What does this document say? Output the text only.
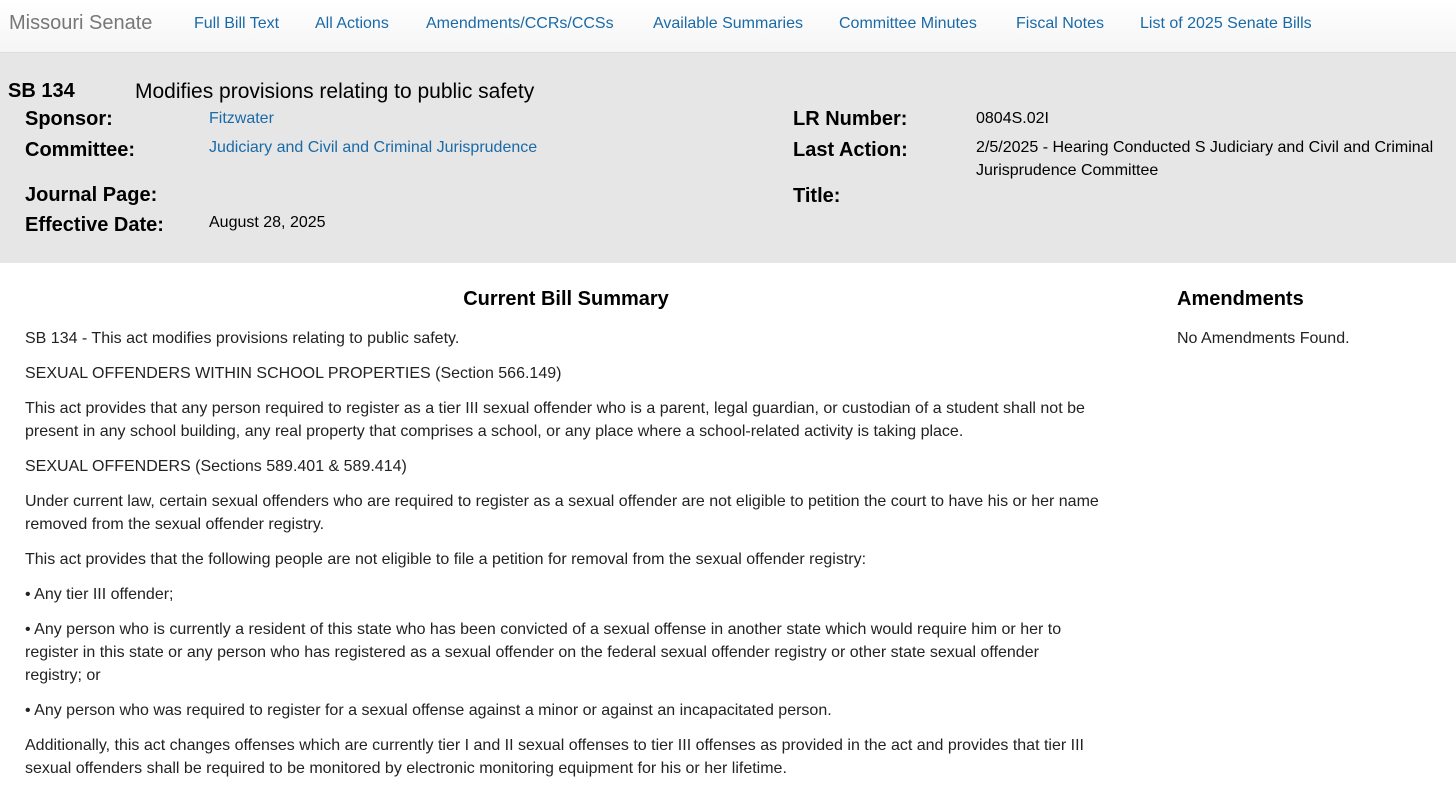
Missouri Senate	Full Bill Text All Actions Amendments/CCRs/CCSs Available Summaries Committee Minutes Fiscal Notes List of 2025 Senate Bills
SB 134	Modifies provisions relating to public safety
Sponsor:	Fitzwater
Committee:	Judiciary and Civil and Criminal Jurisprudence
Journal Page:
Effective Date:	August 28, 2025
LR Number:	0804S.02I
Last Action:	2/5/2025 - Hearing Conducted S Judiciary and Civil and Criminal Jurisprudence Committee
Title:
Current Bill Summary

SB 134 - This act modifies provisions relating to public safety.

SEXUAL OFFENDERS WITHIN SCHOOL PROPERTIES (Section 566.149)

This act provides that any person required to register as a tier III sexual offender who is a parent, legal guardian, or custodian of a student shall not be present in any school building, any real property that comprises a school, or any place where a school-related activity is taking place.

SEXUAL OFFENDERS (Sections 589.401 & 589.414)

Under current law, certain sexual offenders who are required to register as a sexual offender are not eligible to petition the court to have his or her name removed from the sexual offender registry.

This act provides that the following people are not eligible to file a petition for removal from the sexual offender registry:

• Any tier III offender;

• Any person who is currently a resident of this state who has been convicted of a sexual offense in another state which would require him or her to register in this state or any person who has registered as a sexual offender on the federal sexual offender registry or other state sexual offender registry; or

• Any person who was required to register for a sexual offense against a minor or against an incapacitated person.

Additionally, this act changes offenses which are currently tier I and II sexual offenses to tier III offenses as provided in the act and provides that tier III sexual offenders shall be required to be monitored by electronic monitoring equipment for his or her lifetime.

Amendments
No Amendments Found.
